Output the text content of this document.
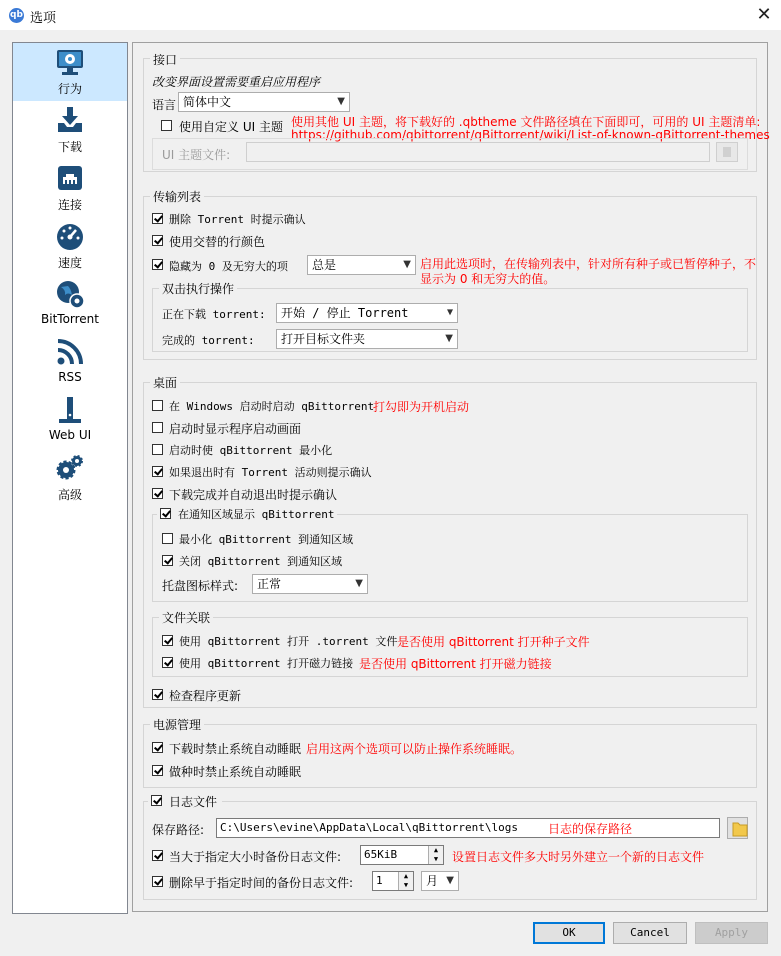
qb 选项	✕
行为
下载
连接
速度
BitTorrent
RSS
Web UI
高级
接口
改变界面设置需要重启应用程序
语言 简体中文	▼
使用自定义 UI 主题 使用其他 UI 主题，将下载好的 .qbtheme 文件路径填在下面即可，可用的 UI 主题清单:
https://github.com/qbittorrent/qBittorrent/wiki/List-of-known-qBittorrent-themes
UI 主题文件:
传输列表
删除 Torrent 时提示确认
使用交替的行颜色
隐藏为 0 及无穷大的项	总是	▼ 启用此选项时，在传输列表中，针对所有种子或已暂停种子，不
显示为 0 和无穷大的值。
双击执行操作
正在下载 torrent:	开始 / 停止 Torrent	▼
完成的 torrent:	打开目标文件夹	▼
桌面
在 Windows 启动时启动 qBittorrent
打勾即为开机启动
启动时显示程序启动画面
启动时使 qBittorrent 最小化
如果退出时有 Torrent 活动则提示确认
下载完成并自动退出时提示确认
在通知区域显示 qBittorrent
最小化 qBittorrent 到通知区域
关闭 qBittorrent 到通知区域
托盘图标样式:	正常	▼
文件关联
使用 qBittorrent 打开 .torrent 文件 是否使用 qBittorrent 打开种子文件
使用 qBittorrent 打开磁力链接 是否使用 qBittorrent 打开磁力链接
检查程序更新
电源管理
下载时禁止系统自动睡眠 启用这两个选项可以防止操作系统睡眠。
做种时禁止系统自动睡眠
日志文件
保存路径:	C:\Users\evine\AppData\Local\qBittorrent\logs	日志的保存路径
当大于指定大小时备份日志文件:	65KiB	▲
▼	设置日志文件多大时另外建立一个新的日志文件
删除早于指定时间的备份日志文件:	1	▲
▼	月 ▼
OK	Cancel	Apply
